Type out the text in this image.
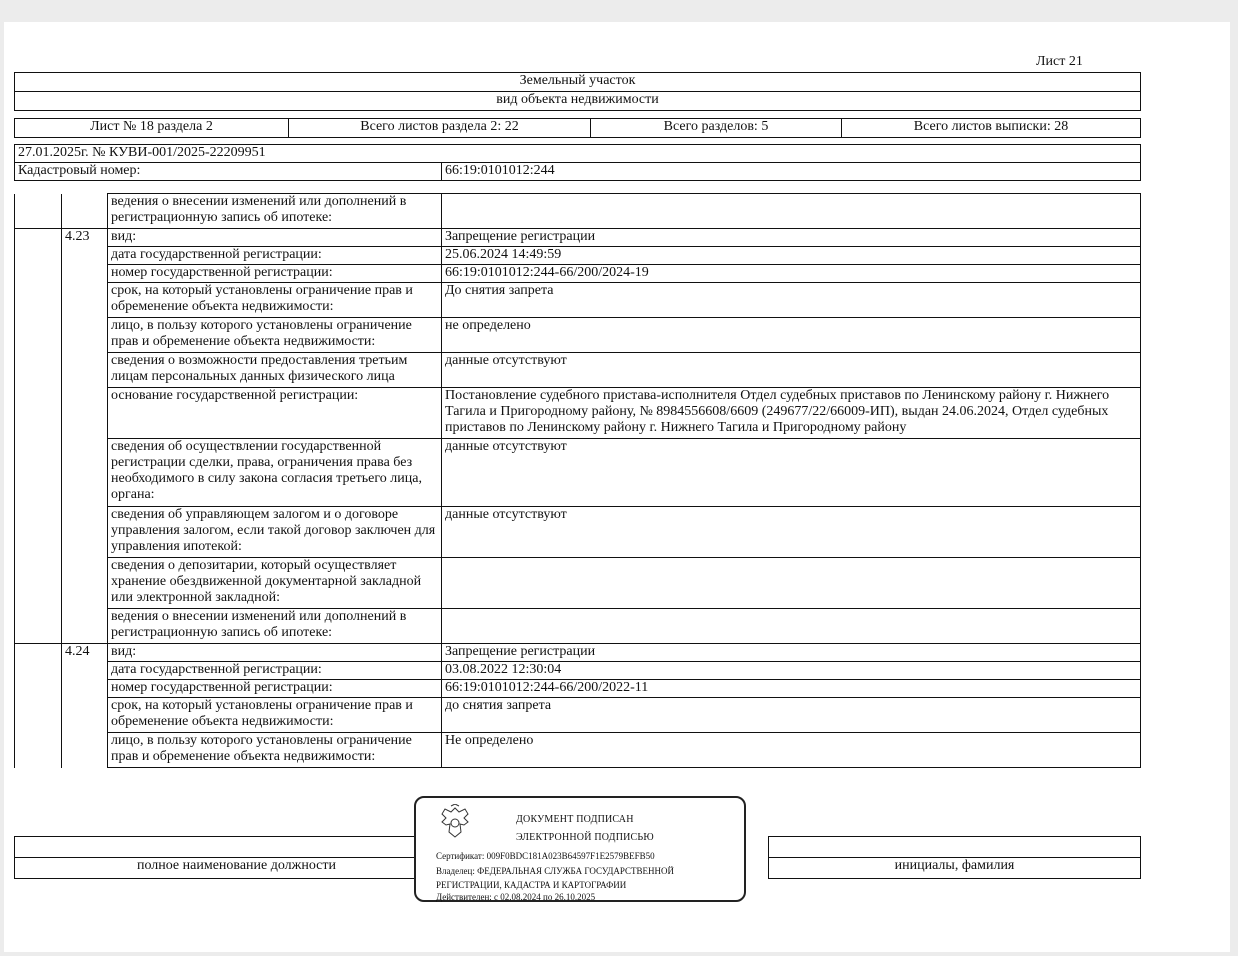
Лист 21
Земельный участок
вид объекта недвижимости
Лист № 18 раздела 2	Всего листов раздела 2: 22	Всего разделов: 5	Всего листов выписки: 28
27.01.2025г. № КУВИ-001/2025-22209951
Кадастровый номер:	66:19:0101012:244
		ведения о внесении изменений или дополнений в регистрационную запись об ипотеке:	
	4.23	вид:	Запрещение регистрации
		дата государственной регистрации:	25.06.2024 14:49:59
		номер государственной регистрации:	66:19:0101012:244-66/200/2024-19
		срок, на который установлены ограничение прав и обременение объекта недвижимости:	До снятия запрета
		лицо, в пользу которого установлены ограничение прав и обременение объекта недвижимости:	не определено
		сведения о возможности предоставления третьим лицам персональных данных физического лица	данные отсутствуют
		основание государственной регистрации:	Постановление судебного пристава-исполнителя Отдел судебных приставов по Ленинскому району г. Нижнего Тагила и Пригородному району, № 8984556608/6609 (249677/22/66009-ИП), выдан 24.06.2024, Отдел судебных приставов по Ленинскому району г. Нижнего Тагила и Пригородному району
		сведения об осуществлении государственной регистрации сделки, права, ограничения права без необходимого в силу закона согласия третьего лица, органа:	данные отсутствуют
		сведения об управляющем залогом и о договоре управления залогом, если такой договор заключен для управления ипотекой:	данные отсутствуют
		сведения о депозитарии, который осуществляет хранение обездвиженной документарной закладной или электронной закладной:	
		ведения о внесении изменений или дополнений в регистрационную запись об ипотеке:	
	4.24	вид:	Запрещение регистрации
		дата государственной регистрации:	03.08.2022 12:30:04
		номер государственной регистрации:	66:19:0101012:244-66/200/2022-11
		срок, на который установлены ограничение прав и обременение объекта недвижимости:	до снятия запрета
		лицо, в пользу которого установлены ограничение прав и обременение объекта недвижимости:	Не определено

полное наименование должности		инициалы, фамилия
ДОКУМЕНТ ПОДПИСАН
ЭЛЕКТРОННОЙ ПОДПИСЬЮ
Сертификат: 009F0BDC181A023B64597F1E2579BEFB50
Владелец: ФЕДЕРАЛЬНАЯ СЛУЖБА ГОСУДАРСТВЕННОЙ
РЕГИСТРАЦИИ, КАДАСТРА И КАРТОГРАФИИ
Действителен: с 02.08.2024 по 26.10.2025
